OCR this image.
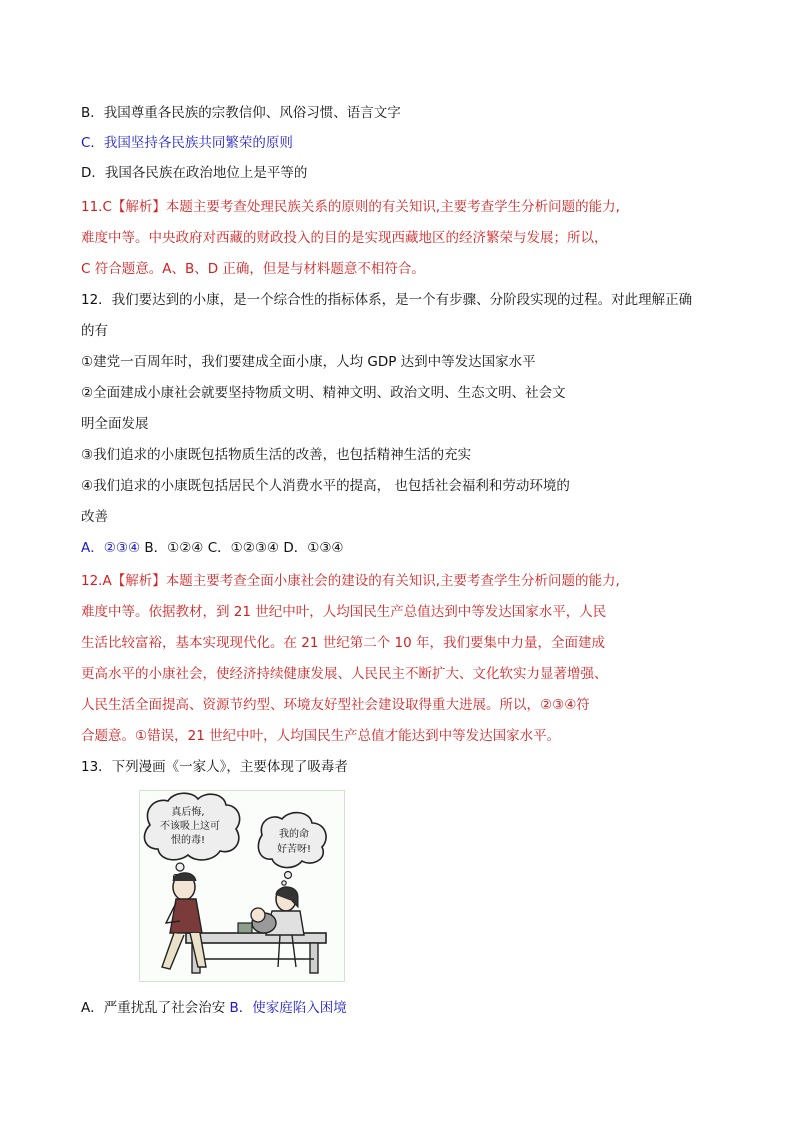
B．我国尊重各民族的宗教信仰、风俗习惯、语言文字
C．我国坚持各民族共同繁荣的原则
D．我国各民族在政治地位上是平等的
11.C【解析】本题主要考查处理民族关系的原则的有关知识,主要考查学生分析问题的能力,
难度中等。中央政府对西藏的财政投入的目的是实现西藏地区的经济繁荣与发展；所以，
C 符合题意。A、B、D 正确，但是与材料题意不相符合。
12．我们要达到的小康，是一个综合性的指标体系，是一个有步骤、分阶段实现的过程。对此理解正确
的有
①建党一百周年时，我们要建成全面小康，人均 GDP 达到中等发达国家水平
②全面建成小康社会就要坚持物质文明、精神文明、政治文明、生态文明、社会文
明全面发展
③我们追求的小康既包括物质生活的改善，也包括精神生活的充实
④我们追求的小康既包括居民个人消费水平的提高， 也包括社会福利和劳动环境的
改善
A．②③④ B．①②④ C．①②③④ D．①③④
12.A【解析】本题主要考查全面小康社会的建设的有关知识,主要考查学生分析问题的能力,
难度中等。依据教材，到 21 世纪中叶，人均国民生产总值达到中等发达国家水平，人民
生活比较富裕，基本实现现代化。在 21 世纪第二个 10 年，我们要集中力量，全面建成
更高水平的小康社会，使经济持续健康发展、人民民主不断扩大、文化软实力显著增强、
人民生活全面提高、资源节约型、环境友好型社会建设取得重大进展。所以，②③④符
合题意。①错误，21 世纪中叶，人均国民生产总值才能达到中等发达国家水平。
13．下列漫画《一家人》，主要体现了吸毒者
真后悔,
不该吸上这可
恨的毒!
我的命
好苦呀!
A．严重扰乱了社会治安 B．使家庭陷入困境
